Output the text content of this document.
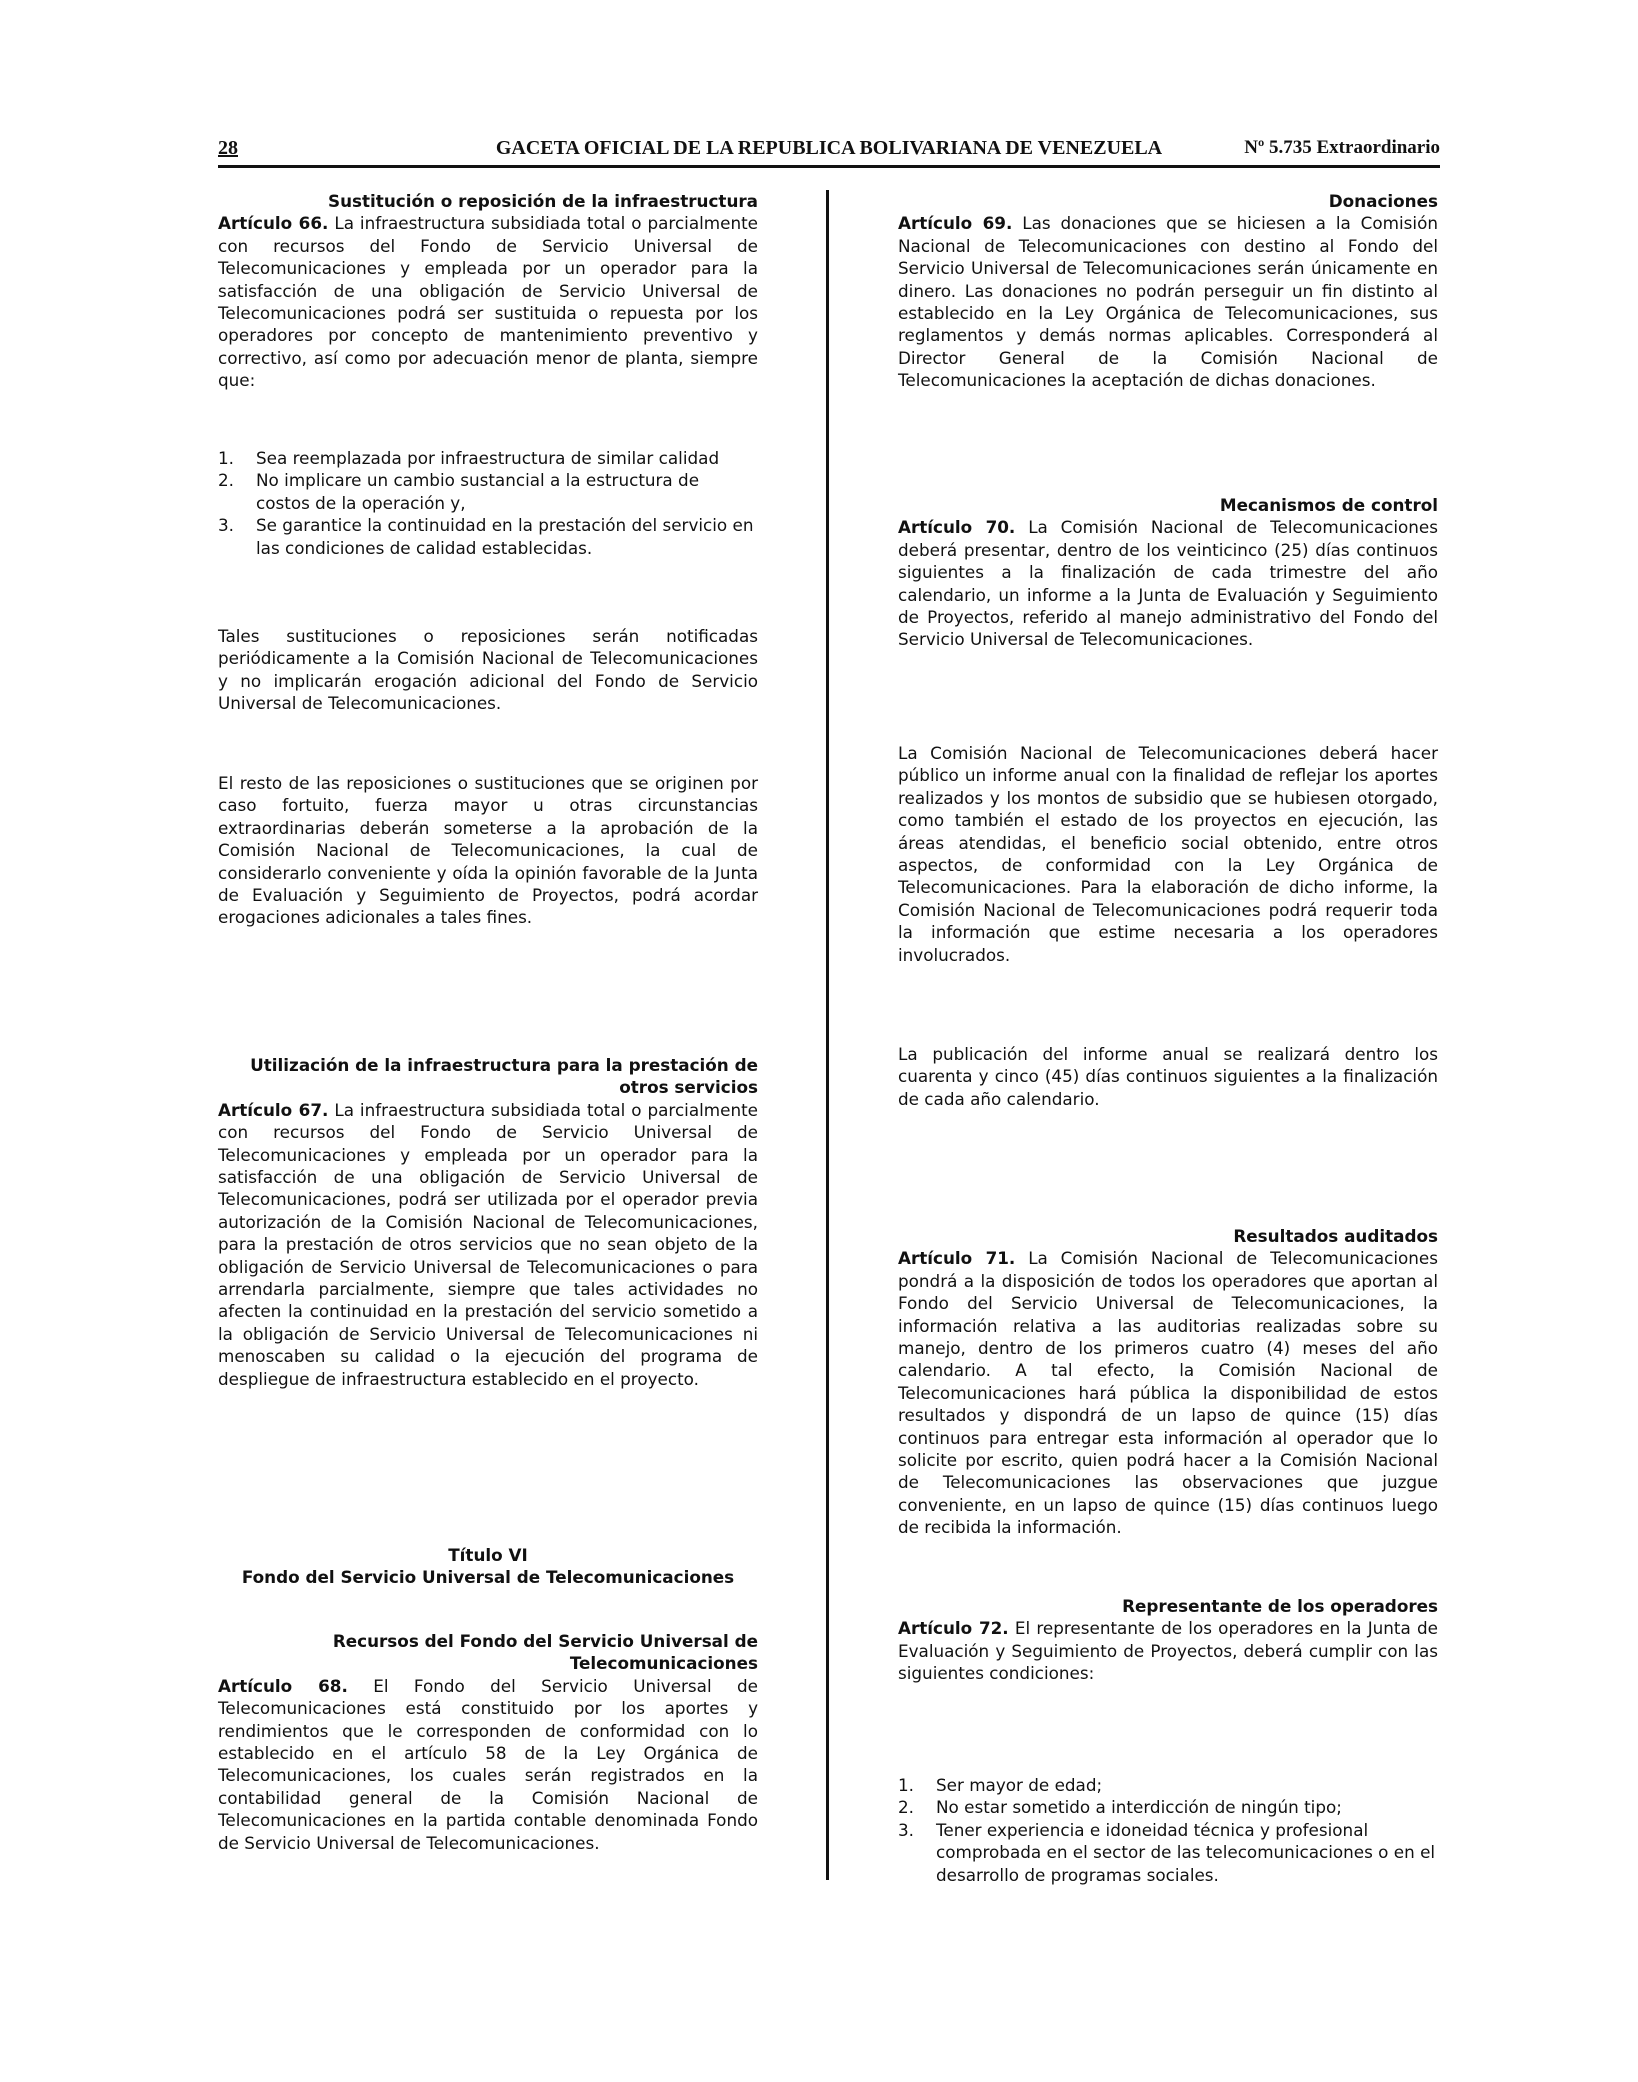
28	GACETA OFICIAL DE LA REPUBLICA BOLIVARIANA DE VENEZUELA	Nº 5.735 Extraordinario
Sustitución o reposición de la infraestructura
Artículo 66. La infraestructura subsidiada total o parcialmente con recursos del Fondo de Servicio Universal de Telecomunicaciones y empleada por un operador para la satisfacción de una obligación de Servicio Universal de Telecomunicaciones podrá ser sustituida o repuesta por los operadores por concepto de mantenimiento preventivo y correctivo, así como por adecuación menor de planta, siempre que:
1. Sea reemplazada por infraestructura de similar calidad
2. No implicare un cambio sustancial a la estructura de costos de la operación y,
3. Se garantice la continuidad en la prestación del servicio en las condiciones de calidad establecidas.
Tales sustituciones o reposiciones serán notificadas periódicamente a la Comisión Nacional de Telecomunicaciones y no implicarán erogación adicional del Fondo de Servicio Universal de Telecomunicaciones.
El resto de las reposiciones o sustituciones que se originen por caso fortuito, fuerza mayor u otras circunstancias extraordinarias deberán someterse a la aprobación de la Comisión Nacional de Telecomunicaciones, la cual de considerarlo conveniente y oída la opinión favorable de la Junta de Evaluación y Seguimiento de Proyectos, podrá acordar erogaciones adicionales a tales fines.
Utilización de la infraestructura para la prestación de otros servicios
Artículo 67. La infraestructura subsidiada total o parcialmente con recursos del Fondo de Servicio Universal de Telecomunicaciones y empleada por un operador para la satisfacción de una obligación de Servicio Universal de Telecomunicaciones, podrá ser utilizada por el operador previa autorización de la Comisión Nacional de Telecomunicaciones, para la prestación de otros servicios que no sean objeto de la obligación de Servicio Universal de Telecomunicaciones o para arrendarla parcialmente, siempre que tales actividades no afecten la continuidad en la prestación del servicio sometido a la obligación de Servicio Universal de Telecomunicaciones ni menoscaben su calidad o la ejecución del programa de despliegue de infraestructura establecido en el proyecto.
Título VI
Fondo del Servicio Universal de Telecomunicaciones
Recursos del Fondo del Servicio Universal de Telecomunicaciones
Artículo 68. El Fondo del Servicio Universal de Telecomunicaciones está constituido por los aportes y rendimientos que le corresponden de conformidad con lo establecido en el artículo 58 de la Ley Orgánica de Telecomunicaciones, los cuales serán registrados en la contabilidad general de la Comisión Nacional de Telecomunicaciones en la partida contable denominada Fondo de Servicio Universal de Telecomunicaciones.
Donaciones
Artículo 69. Las donaciones que se hiciesen a la Comisión Nacional de Telecomunicaciones con destino al Fondo del Servicio Universal de Telecomunicaciones serán únicamente en dinero. Las donaciones no podrán perseguir un fin distinto al establecido en la Ley Orgánica de Telecomunicaciones, sus reglamentos y demás normas aplicables. Corresponderá al Director General de la Comisión Nacional de Telecomunicaciones la aceptación de dichas donaciones.
Mecanismos de control
Artículo 70. La Comisión Nacional de Telecomunicaciones deberá presentar, dentro de los veinticinco (25) días continuos siguientes a la finalización de cada trimestre del año calendario, un informe a la Junta de Evaluación y Seguimiento de Proyectos, referido al manejo administrativo del Fondo del Servicio Universal de Telecomunicaciones.
La Comisión Nacional de Telecomunicaciones deberá hacer público un informe anual con la finalidad de reflejar los aportes realizados y los montos de subsidio que se hubiesen otorgado, como también el estado de los proyectos en ejecución, las áreas atendidas, el beneficio social obtenido, entre otros aspectos, de conformidad con la Ley Orgánica de Telecomunicaciones. Para la elaboración de dicho informe, la Comisión Nacional de Telecomunicaciones podrá requerir toda la información que estime necesaria a los operadores involucrados.
La publicación del informe anual se realizará dentro los cuarenta y cinco (45) días continuos siguientes a la finalización de cada año calendario.
Resultados auditados
Artículo 71. La Comisión Nacional de Telecomunicaciones pondrá a la disposición de todos los operadores que aportan al Fondo del Servicio Universal de Telecomunicaciones, la información relativa a las auditorias realizadas sobre su manejo, dentro de los primeros cuatro (4) meses del año calendario. A tal efecto, la Comisión Nacional de Telecomunicaciones hará pública la disponibilidad de estos resultados y dispondrá de un lapso de quince (15) días continuos para entregar esta información al operador que lo solicite por escrito, quien podrá hacer a la Comisión Nacional de Telecomunicaciones las observaciones que juzgue conveniente, en un lapso de quince (15) días continuos luego de recibida la información.
Representante de los operadores
Artículo 72. El representante de los operadores en la Junta de Evaluación y Seguimiento de Proyectos, deberá cumplir con las siguientes condiciones:
1. Ser mayor de edad;
2. No estar sometido a interdicción de ningún tipo;
3. Tener experiencia e idoneidad técnica y profesional comprobada en el sector de las telecomunicaciones o en el desarrollo de programas sociales.
